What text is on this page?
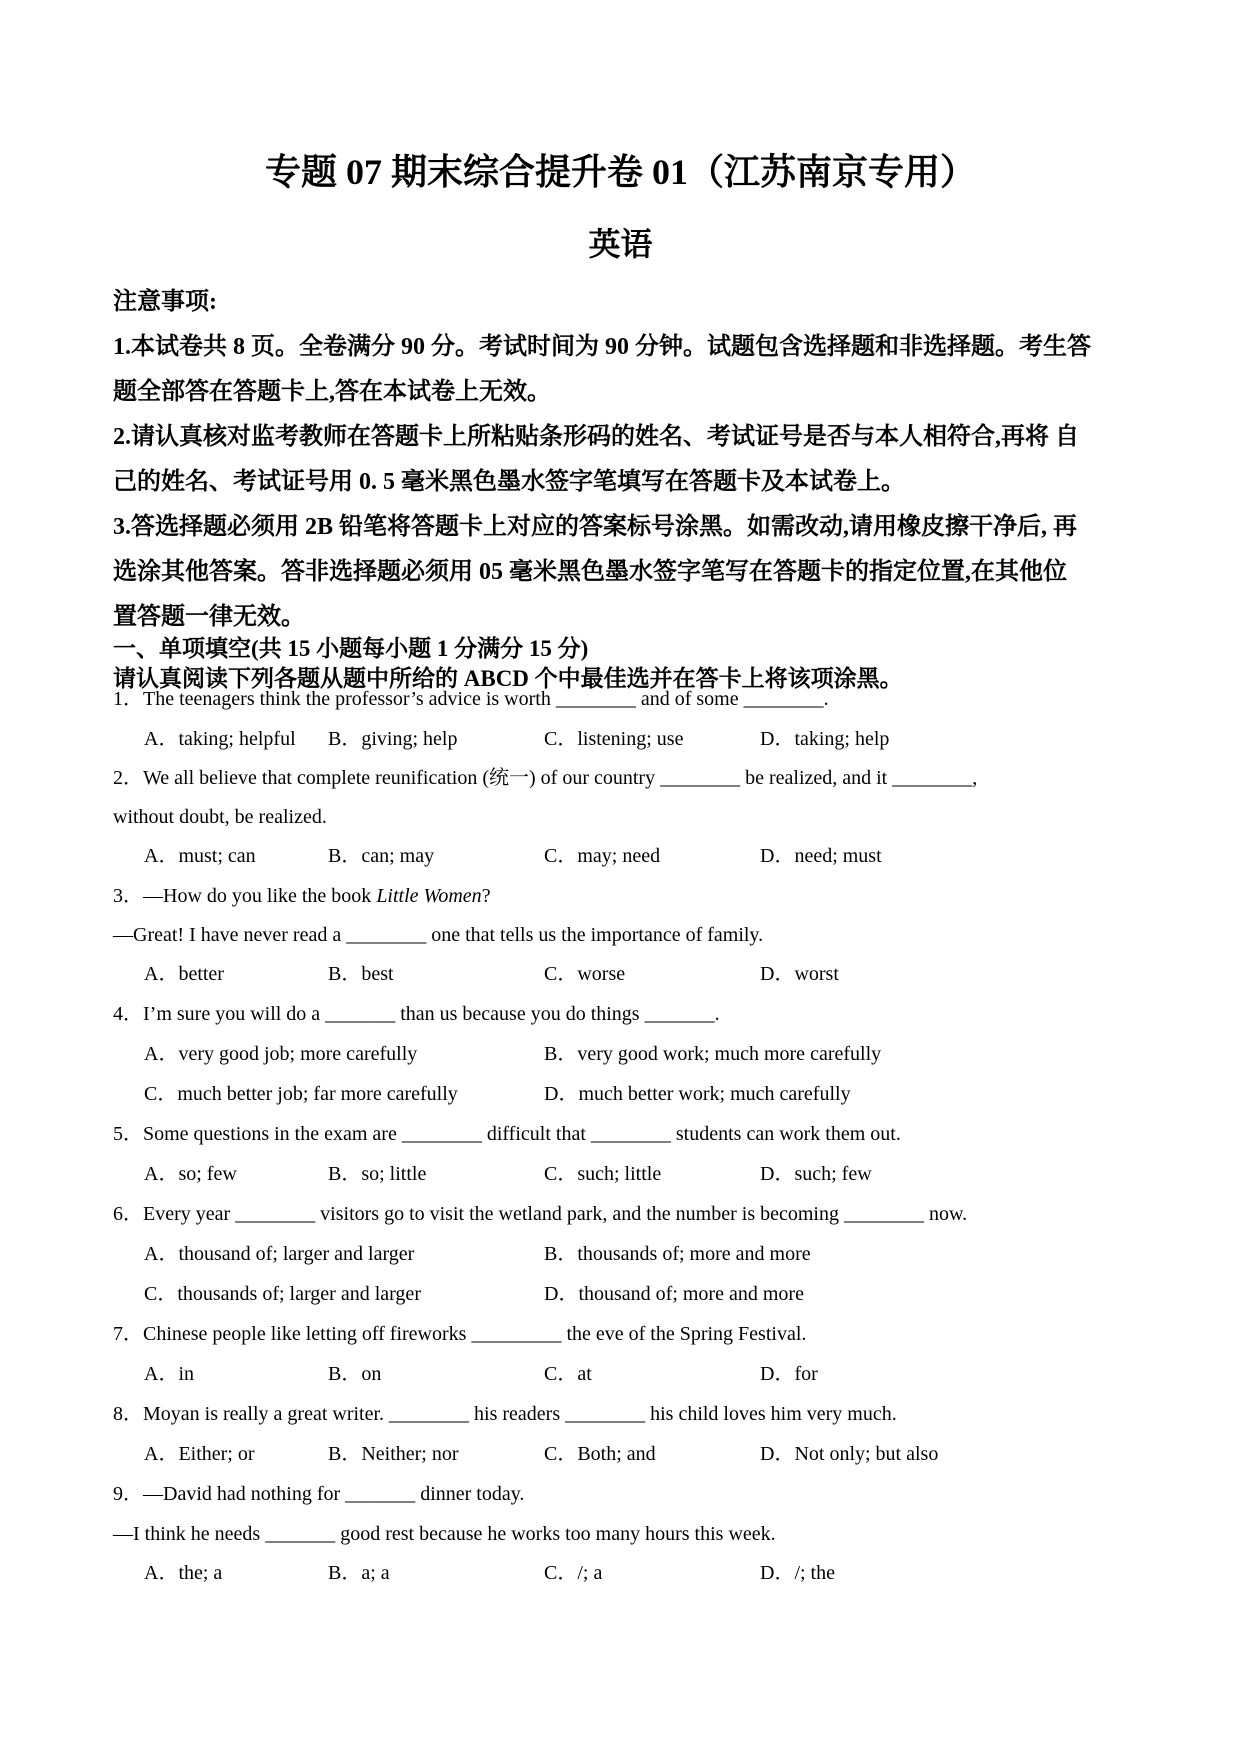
专题 07 期末综合提升卷 01（江苏南京专用）
英语
注意事项:
1.本试卷共 8 页。全卷满分 90 分。考试时间为 90 分钟。试题包含选择题和非选择题。考生答
题全部答在答题卡上,答在本试卷上无效。
2.请认真核对监考教师在答题卡上所粘贴条形码的姓名、考试证号是否与本人相符合,再将 自
己的姓名、考试证号用 0. 5 毫米黑色墨水签字笔填写在答题卡及本试卷上。
3.答选择题必须用 2B 铅笔将答题卡上对应的答案标号涂黑。如需改动,请用橡皮擦干净后, 再
选涂其他答案。答非选择题必须用 05 毫米黑色墨水签字笔写在答题卡的指定位置,在其他位
置答题一律无效。
一、单项填空(共 15 小题每小题 1 分满分 15 分)
请认真阅读下列各题从题中所给的 ABCD 个中最佳选并在答卡上将该项涂黑。
1．The teenagers think the professor’s advice is worth ________ and of some ________.
A．taking; helpful B．giving; help	C．listening; use	D．taking; help
2．We all believe that complete reunification (统一) of our country ________ be realized, and it ________,
without doubt, be realized.
A．must; can	B．can; may	C．may; need	D．need; must
3．—How do you like the book Little Women?
—Great! I have never read a ________ one that tells us the importance of family.
A．better	B．best	C．worse	D．worst
4．I’m sure you will do a _______ than us because you do things _______.
A．very good job; more carefully	B．very good work; much more carefully
C．much better job; far more carefully	D．much better work; much carefully
5．Some questions in the exam are ________ difficult that ________ students can work them out.
A．so; few	B．so; little	C．such; little	D．such; few
6．Every year ________ visitors go to visit the wetland park, and the number is becoming ________ now.
A．thousand of; larger and larger	B．thousands of; more and more
C．thousands of; larger and larger	D．thousand of; more and more
7．Chinese people like letting off fireworks _________ the eve of the Spring Festival.
A．in	B．on	C．at	D．for
8．Moyan is really a great writer. ________ his readers ________ his child loves him very much.
A．Either; or	B．Neither; nor	C．Both; and	D．Not only; but also
9．—David had nothing for _______ dinner today.
—I think he needs _______ good rest because he works too many hours this week.
A．the; a	B．a; a	C．/; a	D．/; the
